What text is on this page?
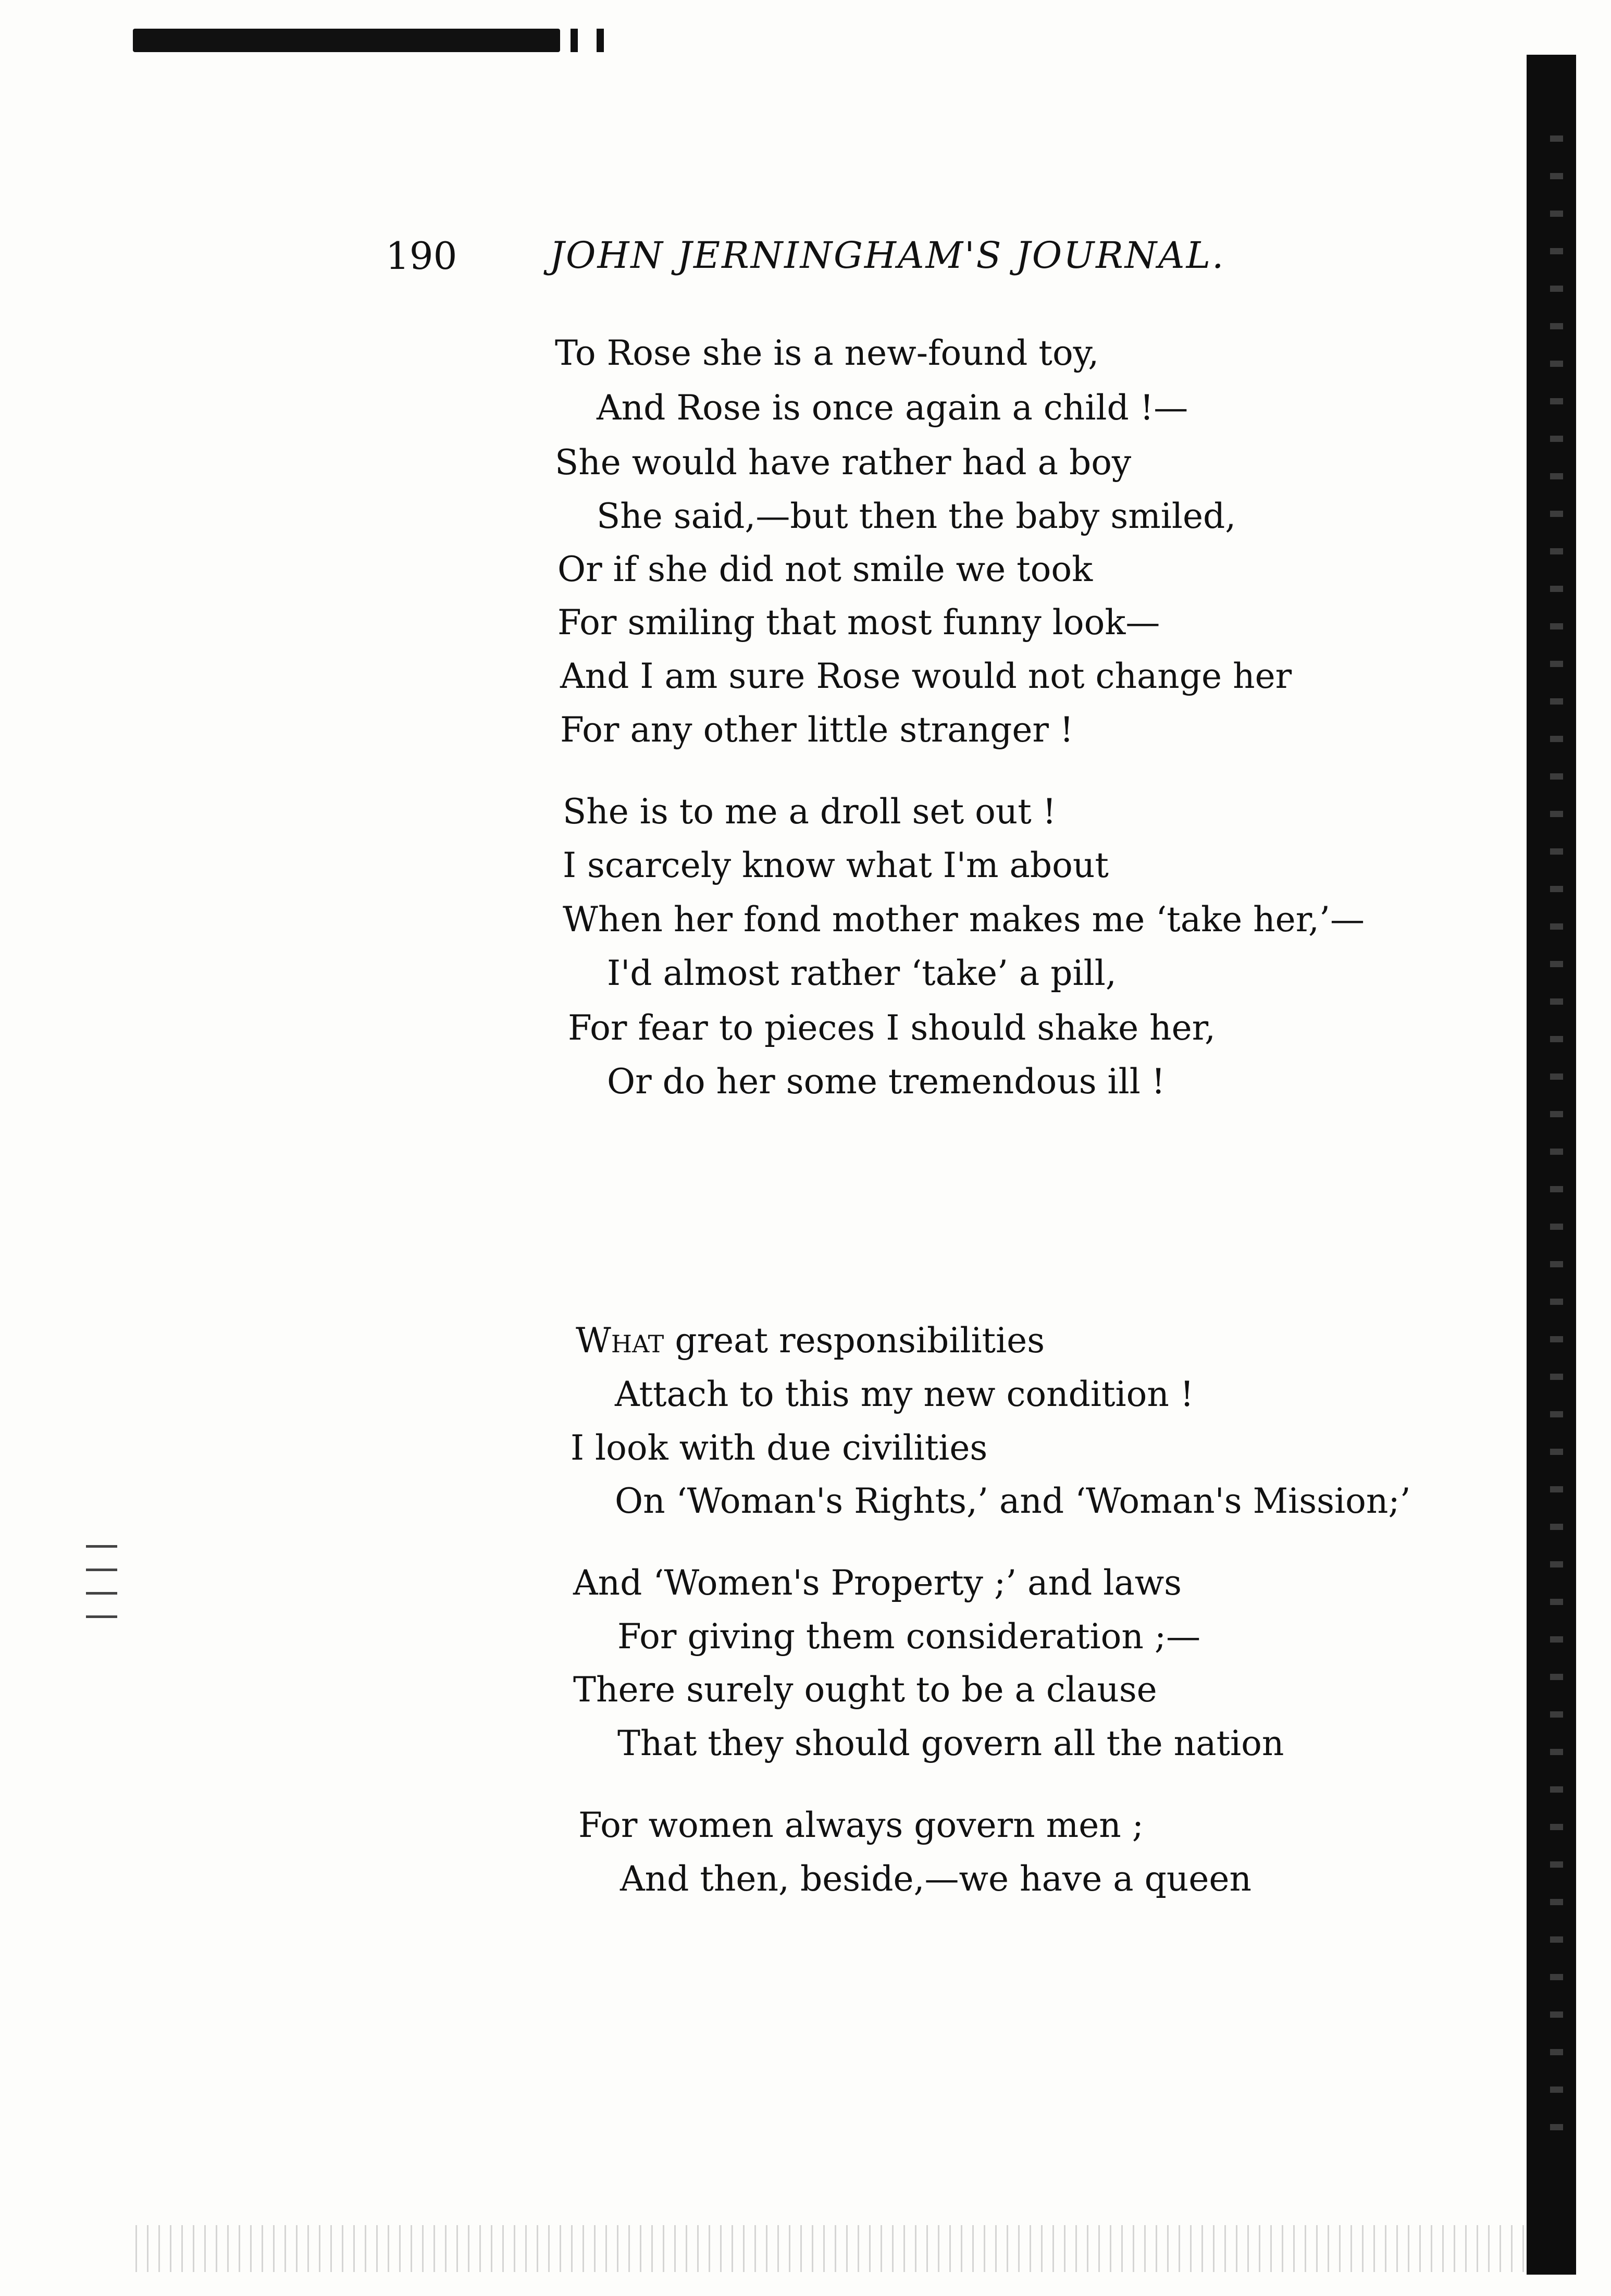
190	JOHN JERNINGHAM'S JOURNAL.
To Rose she is a new-found toy,
And Rose is once again a child !—
She would have rather had a boy
She said,—but then the baby smiled,
Or if she did not smile we took
For smiling that most funny look—
And I am sure Rose would not change her
For any other little stranger !
She is to me a droll set out !
I scarcely know what I'm about
When her fond mother makes me ‘take her,’—
I'd almost rather ‘take’ a pill,
For fear to pieces I should shake her,
Or do her some tremendous ill !
What great responsibilities
Attach to this my new condition !
I look with due civilities
On ‘Woman's Rights,’ and ‘Woman's Mission;’
And ‘Women's Property ;’ and laws
For giving them consideration ;—
There surely ought to be a clause
That they should govern all the nation
For women always govern men ;
And then, beside,—we have a queen
